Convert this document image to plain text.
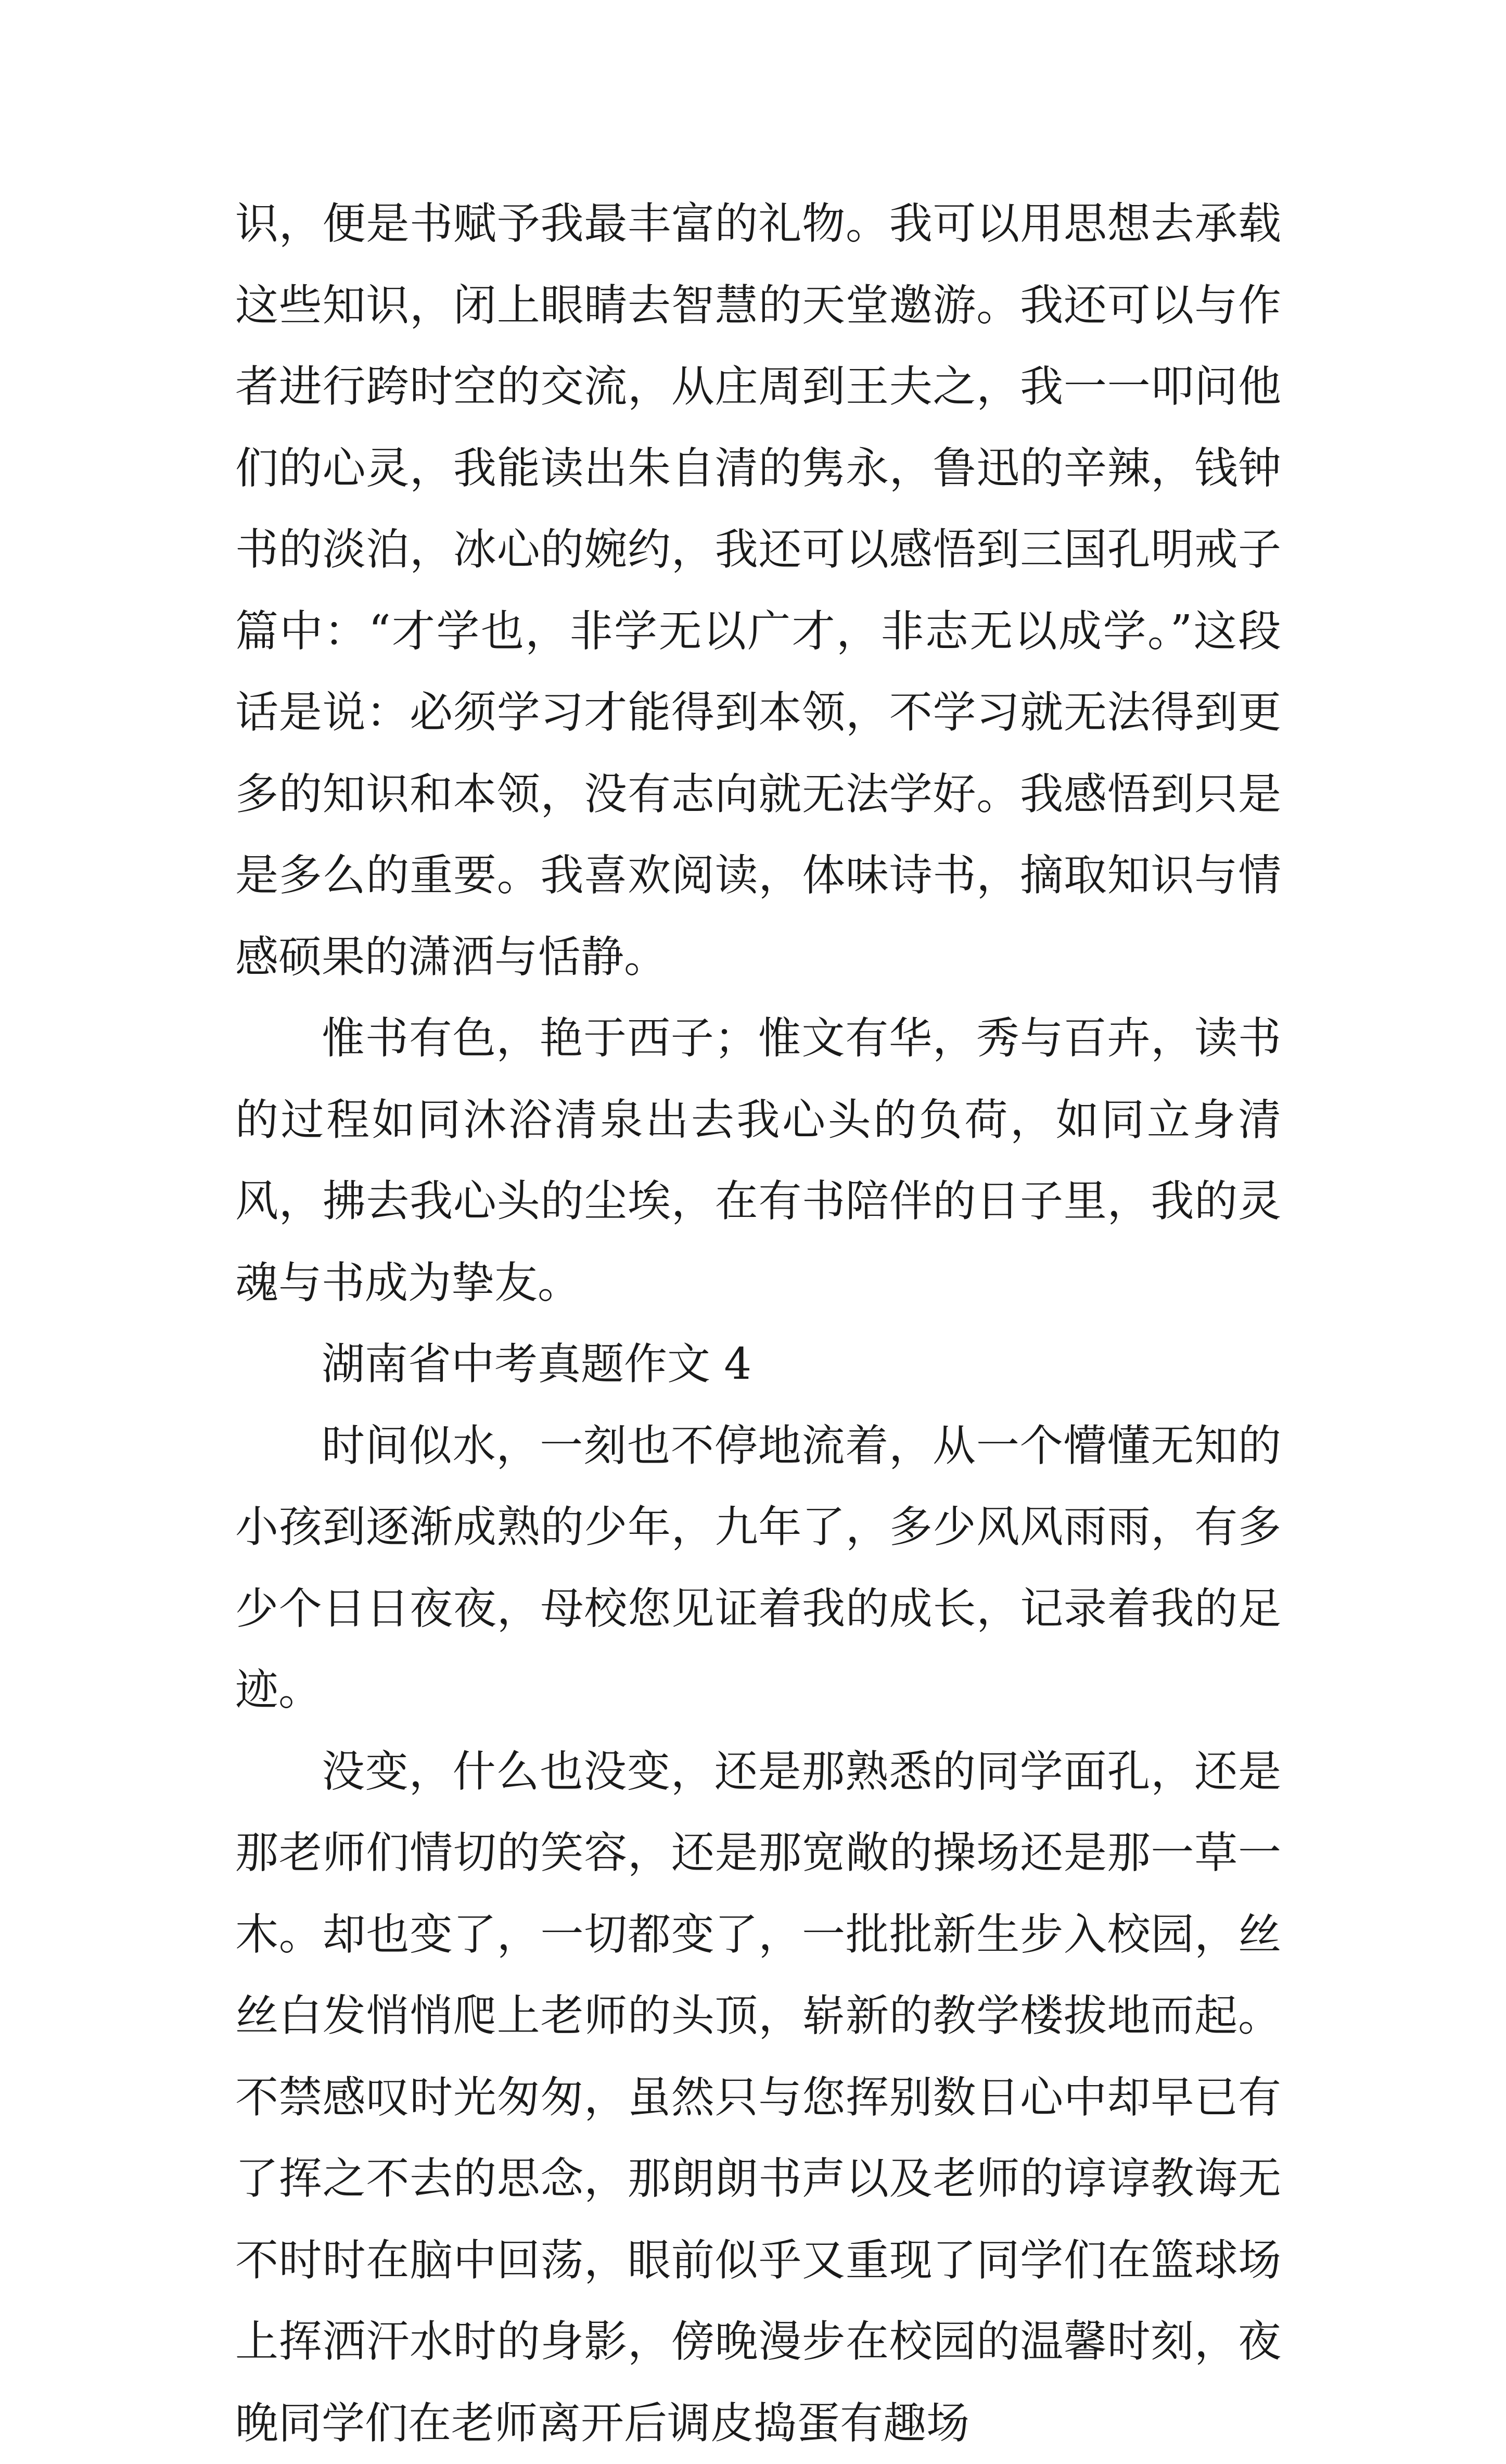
识，便是书赋予我最丰富的礼物。我可以用思想去承载这些知识，闭上眼睛去智慧的天堂邀游。我还可以与作者进行跨时空的交流，从庄周到王夫之，我一一叩问他们的心灵，我能读出朱自清的隽永，鲁迅的辛辣，钱钟书的淡泊，冰心的婉约，我还可以感悟到三国孔明戒子篇中：“才学也，非学无以广才，非志无以成学。”这段话是说：必须学习才能得到本领，不学习就无法得到更多的知识和本领，没有志向就无法学好。我感悟到只是是多么的重要。我喜欢阅读，体味诗书，摘取知识与情感硕果的潇洒与恬静。

惟书有色，艳于西子；惟文有华，秀与百卉，读书的过程如同沐浴清泉出去我心头的负荷，如同立身清风，拂去我心头的尘埃，在有书陪伴的日子里，我的灵魂与书成为挚友。

湖南省中考真题作文 4

时间似水，一刻也不停地流着，从一个懵懂无知的小孩到逐渐成熟的少年，九年了，多少风风雨雨，有多少个日日夜夜，母校您见证着我的成长，记录着我的足迹。

没变，什么也没变，还是那熟悉的同学面孔，还是那老师们情切的笑容，还是那宽敞的操场还是那一草一木。却也变了，一切都变了，一批批新生步入校园，丝丝白发悄悄爬上老师的头顶，崭新的教学楼拔地而起。不禁感叹时光匆匆，虽然只与您挥别数日心中却早已有了挥之不去的思念，那朗朗书声以及老师的谆谆教诲无不时时在脑中回荡，眼前似乎又重现了同学们在篮球场上挥洒汗水时的身影，傍晚漫步在校园的温馨时刻，夜晚同学们在老师离开后调皮捣蛋有趣场
